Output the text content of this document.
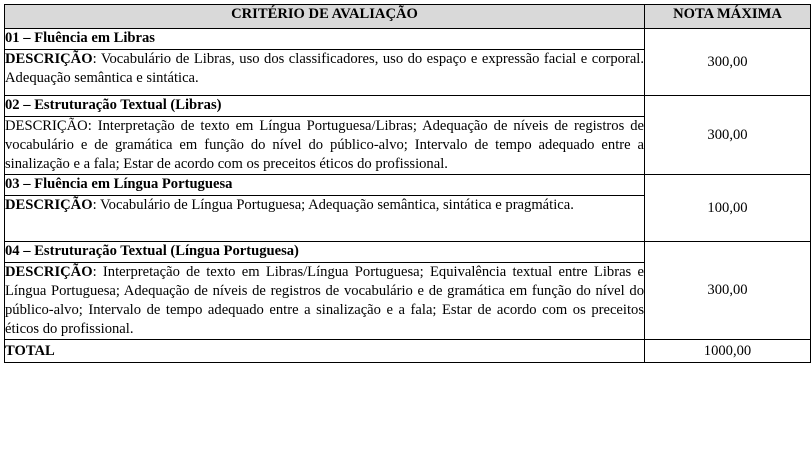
CRITÉRIO DE AVALIAÇÃO	NOTA MÁXIMA
01 – Fluência em Libras	300,00
DESCRIÇÃO: Vocabulário de Libras, uso dos classificadores, uso do espaço e expressão facial e corporal. Adequação semântica e sintática.	
02 – Estruturação Textual (Libras)	300,00
DESCRIÇÃO: Interpretação de texto em Língua Portuguesa/Libras; Adequação de níveis de registros de vocabulário e de gramática em função do nível do público-alvo; Intervalo de tempo adequado entre a sinalização e a fala; Estar de acordo com os preceitos éticos do profissional.	
03 – Fluência em Língua Portuguesa	100,00
DESCRIÇÃO: Vocabulário de Língua Portuguesa; Adequação semântica, sintática e pragmática.	
04 – Estruturação Textual (Língua Portuguesa)	300,00
DESCRIÇÃO: Interpretação de texto em Libras/Língua Portuguesa; Equivalência textual entre Libras e Língua Portuguesa; Adequação de níveis de registros de vocabulário e de gramática em função do nível do público-alvo; Intervalo de tempo adequado entre a sinalização e a fala; Estar de acordo com os preceitos éticos do profissional.	
TOTAL	1000,00
